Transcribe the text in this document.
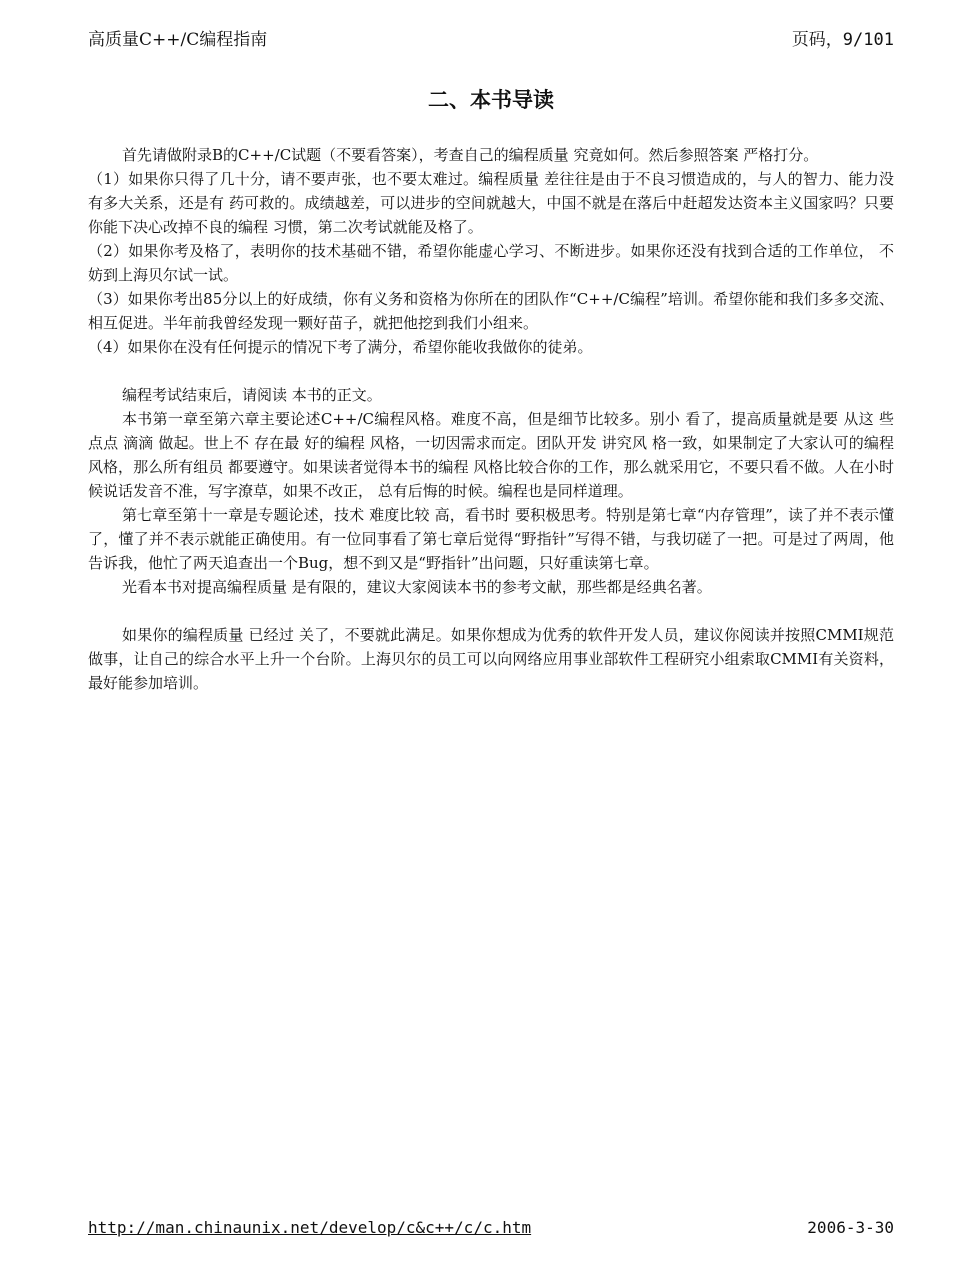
高质量C++/C编程指南	页码，9/101
二、本书导读

首先请做附录B的C++/C试题（不要看答案），考查自己的编程质量 究竟如何。然后参照答案 严格打分。

（1）如果你只得了几十分，请不要声张，也不要太难过。编程质量 差往往是由于不良习惯造成的，与人的智力、能力没有多大关系，还是有 药可救的。成绩越差，可以进步的空间就越大，中国不就是在落后中赶超发达资本主义国家吗？只要你能下决心改掉不良的编程 习惯，第二次考试就能及格了。

（2）如果你考及格了，表明你的技术基础不错，希望你能虚心学习、不断进步。如果你还没有找到合适的工作单位， 不妨到上海贝尔试一试。

（3）如果你考出85分以上的好成绩，你有义务和资格为你所在的团队作“C++/C编程”培训。希望你能和我们多多交流、相互促进。半年前我曾经发现一颗好苗子，就把他挖到我们小组来。

（4）如果你在没有任何提示的情况下考了满分，希望你能收我做你的徒弟。

编程考试结束后，请阅读 本书的正文。

本书第一章至第六章主要论述C++/C编程风格。难度不高，但是细节比较多。别小 看了，提高质量就是要 从这 些点点 滴滴 做起。世上不 存在最 好的编程 风格，一切因需求而定。团队开发 讲究风 格一致，如果制定了大家认可的编程 风格，那么所有组员 都要遵守。如果读者觉得本书的编程 风格比较合你的工作，那么就采用它，不要只看不做。人在小时 候说话发音不准，写字潦草，如果不改正， 总有后悔的时候。编程也是同样道理。

第七章至第十一章是专题论述，技术 难度比较 高，看书时 要积极思考。特别是第七章“内存管理”，读了并不表示懂了，懂了并不表示就能正确使用。有一位同事看了第七章后觉得“野指针”写得不错，与我切磋了一把。可是过了两周，他告诉我，他忙了两天追查出一个Bug，想不到又是“野指针”出问题，只好重读第七章。

光看本书对提高编程质量 是有限的，建议大家阅读本书的参考文献，那些都是经典名著。

如果你的编程质量 已经过 关了，不要就此满足。如果你想成为优秀的软件开发人员，建议你阅读并按照CMMI规范做事，让自己的综合水平上升一个台阶。上海贝尔的员工可以向网络应用事业部软件工程研究小组索取CMMI有关资料，最好能参加培训。

http://man.chinaunix.net/develop/c&c++/c/c.htm	2006-3-30
